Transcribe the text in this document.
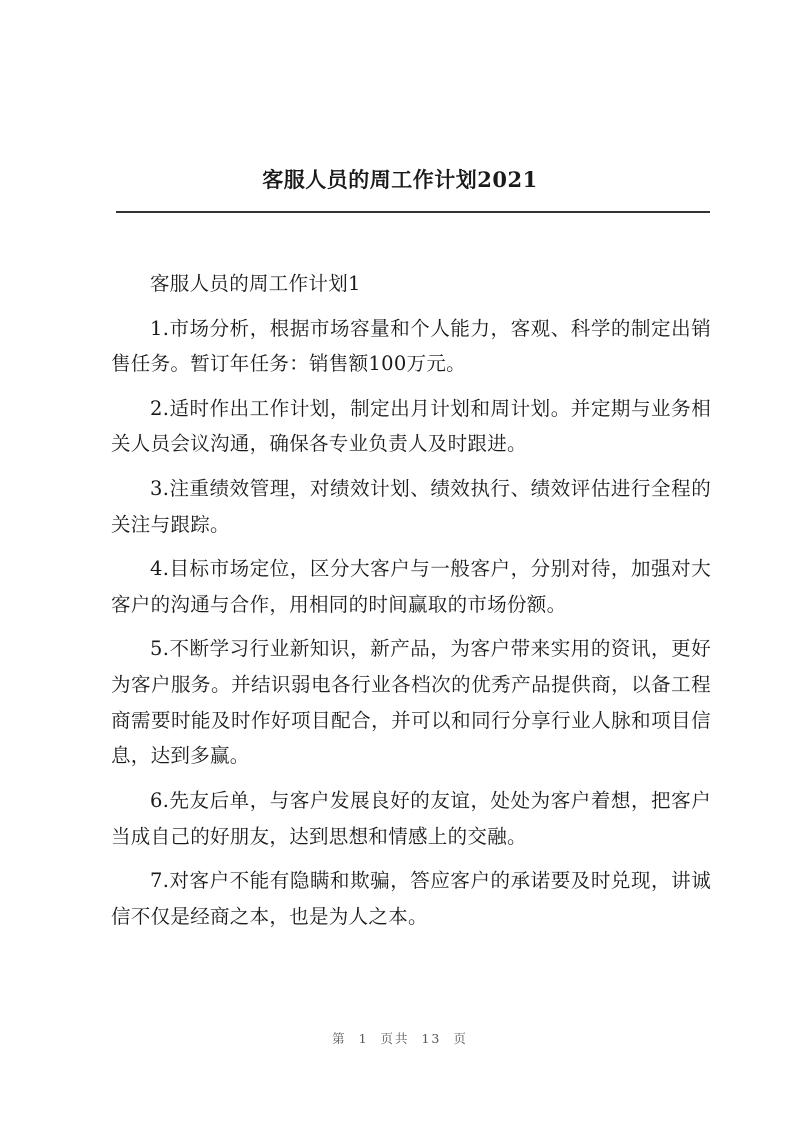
客服人员的周工作计划2021

客服人员的周工作计划1

1.市场分析，根据市场容量和个人能力，客观、科学的制定出销售任务。暂订年任务：销售额100万元。

2.适时作出工作计划，制定出月计划和周计划。并定期与业务相关人员会议沟通，确保各专业负责人及时跟进。

3.注重绩效管理，对绩效计划、绩效执行、绩效评估进行全程的关注与跟踪。

4.目标市场定位，区分大客户与一般客户，分别对待，加强对大客户的沟通与合作，用相同的时间赢取的市场份额。

5.不断学习行业新知识，新产品，为客户带来实用的资讯，更好为客户服务。并结识弱电各行业各档次的优秀产品提供商，以备工程商需要时能及时作好项目配合，并可以和同行分享行业人脉和项目信息，达到多赢。

6.先友后单，与客户发展良好的友谊，处处为客户着想，把客户当成自己的好朋友，达到思想和情感上的交融。

7.对客户不能有隐瞒和欺骗，答应客户的承诺要及时兑现，讲诚信不仅是经商之本，也是为人之本。

第 1 页共 13 页
